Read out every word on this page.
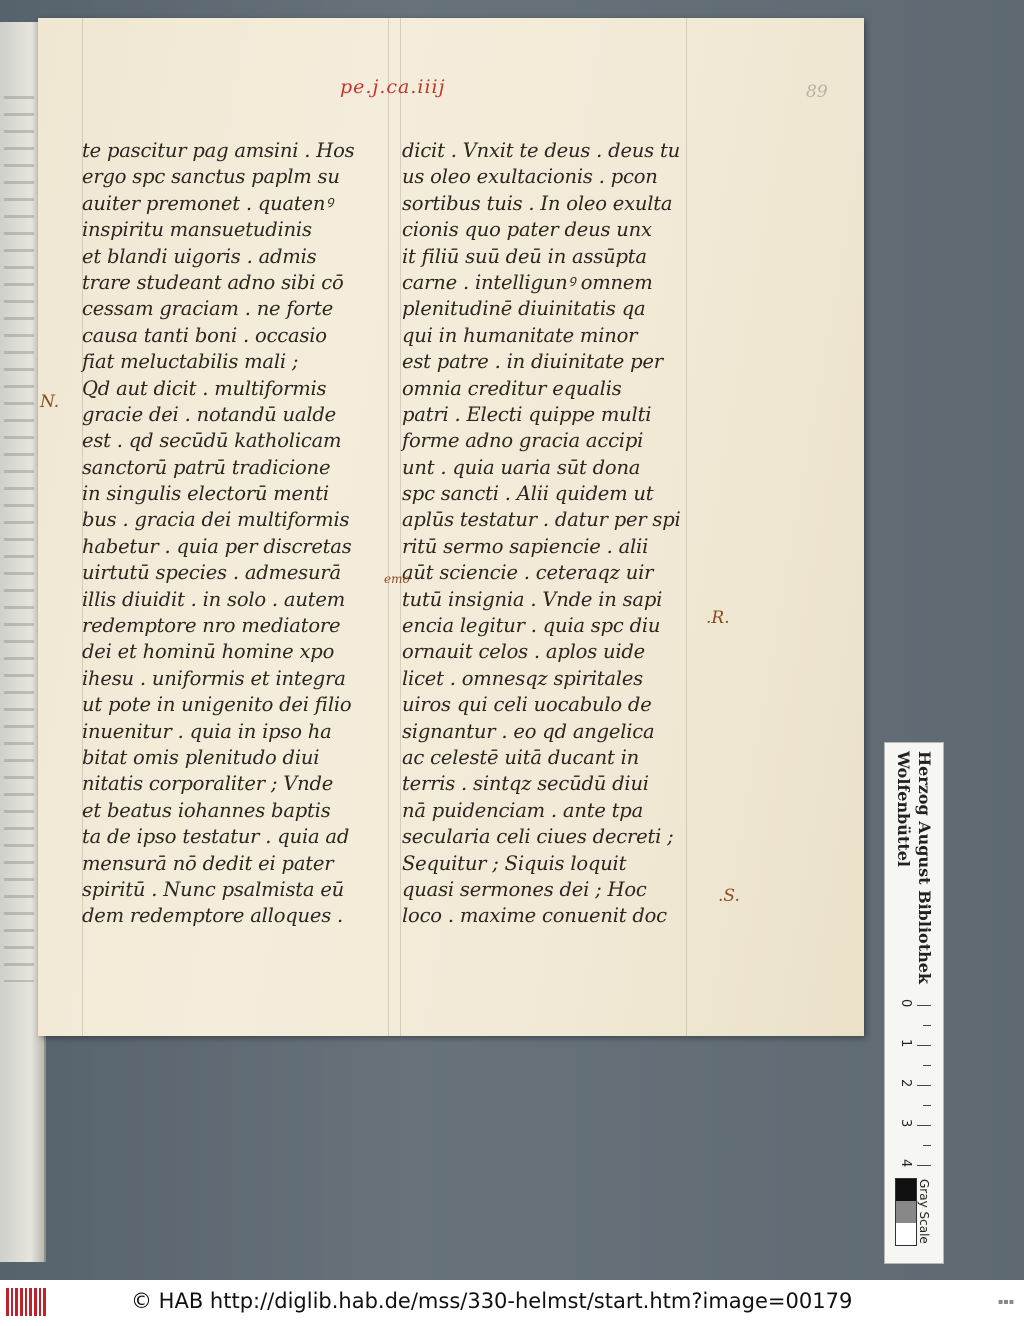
pe.j.ca.iiij	89
te pascitur pag amsini . Hos
ergo spc sanctus paplm su
auiter premonet . quatenꝰ
inspiritu mansuetudinis
et blandi uigoris . admis
trare studeant adno sibi cō
cessam graciam . ne forte
causa tanti boni . occasio
fiat meluctabilis mali ;
Qd aut dicit . multiformis
gracie dei . notandū ualde
est . qd secūdū katholicam
sanctorū patrū tradicione
in singulis electorū menti
bus . gracia dei multiformis
habetur . quia per discretas
uirtutū species . admesurā
illis diuidit . in solo . autem
redemptore nro mediatore
dei et hominū homine xpo
ihesu . uniformis et integra
ut pote in unigenito dei filio
inuenitur . quia in ipso ha
bitat omis plenitudo diui
nitatis corporaliter ; Vnde
et beatus iohannes baptis
ta de ipso testatur . quia ad
mensurā nō dedit ei pater
spiritū . Nunc psalmista eū
dem redemptore alloques .
dicit . Vnxit te deus . deus tu
us oleo exultacionis . pcon
sortibus tuis . In oleo exulta
cionis quo pater deus unx
it filiū suū deū in assūpta
carne . intelligunꝰ omnem
plenitudinē diuinitatis qa
qui in humanitate minor
est patre . in diuinitate per
omnia creditur equalis
patri . Electi quippe multi
forme adno gracia accipi
unt . quia uaria sūt dona
spc sancti . Alii quidem ut
aplūs testatur . datur per spi
ritū sermo sapiencie . alii
aūt sciencie . ceteraqz uir
tutū insignia . Vnde in sapi
encia legitur . quia spc diu
ornauit celos . aplos uide
licet . omnesqz spiritales
uiros qui celi uocabulo de
signantur . eo qd angelica
ac celestē uitā ducant in
terris . sintqz secūdū diui
nā puidenciam . ante tpa
secularia celi ciues decreti ;
Sequitur ; Siquis loquit
quasi sermones dei ; Hoc
loco . maxime conuenit doc
N.
emo
.R.
.S.	Herzog August Bibliothek Wolfenbüttel
0
1
2
3
4
Gray Scale
© HAB http://diglib.hab.de/mss/330-helmst/start.htm?image=00179	▪▪▪
